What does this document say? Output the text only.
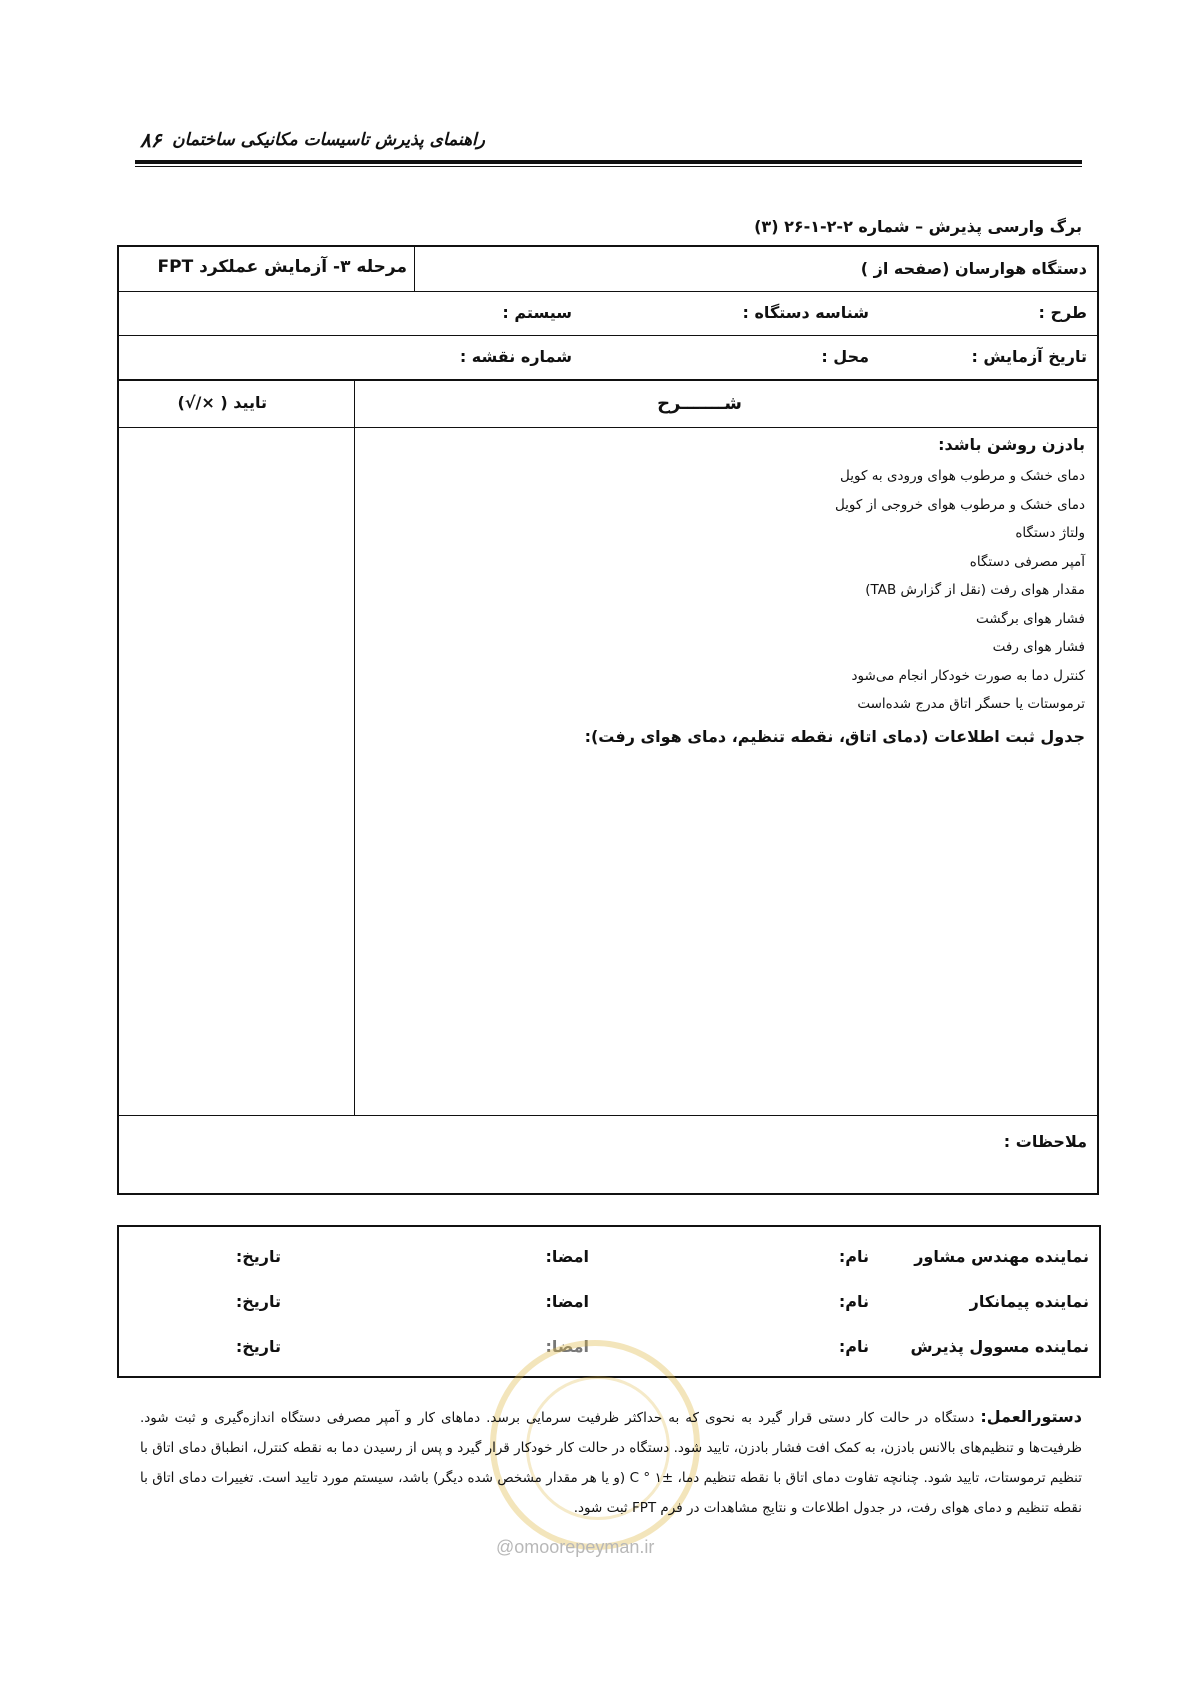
۸۶ راهنمای پذیرش تاسیسات مکانیکی ساختمان
برگ وارسی پذیرش – شماره ۲-۲-۱-۲۶ (۳)
دستگاه هوارسان (صفحه از )
مرحله ۳- آزمایش عملکرد FPT
طرح :
شناسه دستگاه :
سیستم :
تاریخ آزمایش :
محل :
شماره نقشه :
شـــــــرح
تایید ( ×/√)
بادزن روشن باشد:
دمای خشک و مرطوب هوای ورودی به کویل
دمای خشک و مرطوب هوای خروجی از کویل
ولتاژ دستگاه
آمپر مصرفی دستگاه
مقدار هوای رفت (نقل از گزارش TAB)
فشار هوای برگشت
فشار هوای رفت
کنترل دما به صورت خودکار انجام می‌شود
ترموستات یا حسگر اتاق مدرج شده‌است
جدول ثبت اطلاعات (دمای اتاق، نقطه تنظیم، دمای هوای رفت):
ملاحظات :
نماینده مهندس مشاور
نام:
امضا:
تاریخ:
نماینده پیمانکار
نام:
امضا:
تاریخ:
نماینده مسوول پذیرش
نام:
امضا:
تاریخ:
دستورالعمل: دستگاه در حالت کار دستی قرار گیرد به نحوی که به حداکثر ظرفیت سرمایی برسد. دماهای کار و آمپر مصرفی دستگاه اندازه‌گیری و ثبت شود. ظرفیت‌ها و تنظیم‌های بالانس بادزن، به کمک افت فشار بادزن، تایید شود. دستگاه در حالت کار خودکار قرار گیرد و پس از رسیدن دما به نقطه کنترل، انطباق دمای اتاق با تنظیم ترموستات، تایید شود. چنانچه تفاوت دمای اتاق با نقطه تنظیم دما، C ° ۱± (و یا هر مقدار مشخص شده دیگر) باشد، سیستم مورد تایید است. تغییرات دمای اتاق با نقطه تنظیم و دمای هوای رفت، در جدول اطلاعات و نتایج مشاهدات در فرم FPT ثبت شود.
@omoorepeyman.ir
